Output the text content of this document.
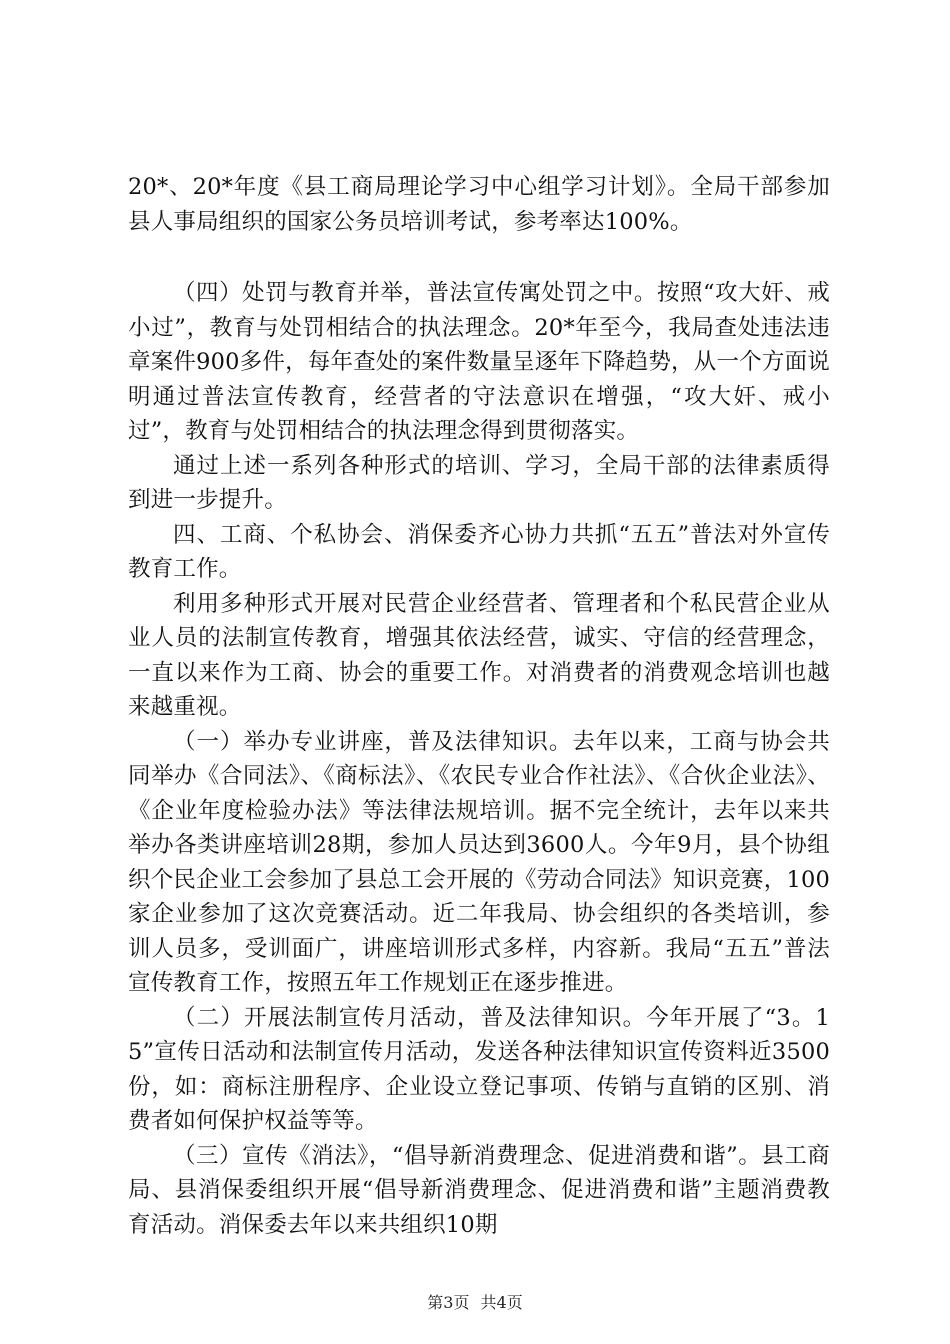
20*、20*年度《县工商局理论学习中心组学习计划》。全局干部参加县人事局组织的国家公务员培训考试，参考率达100%。

（四）处罚与教育并举，普法宣传寓处罚之中。按照“攻大奸、戒小过”，教育与处罚相结合的执法理念。20*年至今，我局查处违法违章案件900多件，每年查处的案件数量呈逐年下降趋势，从一个方面说明通过普法宣传教育，经营者的守法意识在增强，“攻大奸、戒小过”，教育与处罚相结合的执法理念得到贯彻落实。

通过上述一系列各种形式的培训、学习，全局干部的法律素质得到进一步提升。

四、工商、个私协会、消保委齐心协力共抓“五五”普法对外宣传教育工作。

利用多种形式开展对民营企业经营者、管理者和个私民营企业从业人员的法制宣传教育，增强其依法经营，诚实、守信的经营理念，一直以来作为工商、协会的重要工作。对消费者的消费观念培训也越来越重视。

（一）举办专业讲座，普及法律知识。去年以来，工商与协会共同举办《合同法》、《商标法》、《农民专业合作社法》、《合伙企业法》、《企业年度检验办法》等法律法规培训。据不完全统计，去年以来共举办各类讲座培训28期，参加人员达到3600人。今年9月，县个协组织个民企业工会参加了县总工会开展的《劳动合同法》知识竞赛，100家企业参加了这次竞赛活动。近二年我局、协会组织的各类培训，参训人员多，受训面广，讲座培训形式多样，内容新。我局“五五”普法宣传教育工作，按照五年工作规划正在逐步推进。

（二）开展法制宣传月活动，普及法律知识。今年开展了“3。15”宣传日活动和法制宣传月活动，发送各种法律知识宣传资料近3500份，如：商标注册程序、企业设立登记事项、传销与直销的区别、消费者如何保护权益等等。

（三）宣传《消法》，“倡导新消费理念、促进消费和谐”。县工商局、县消保委组织开展“倡导新消费理念、促进消费和谐”主题消费教育活动。消保委去年以来共组织10期

第3页 共4页
